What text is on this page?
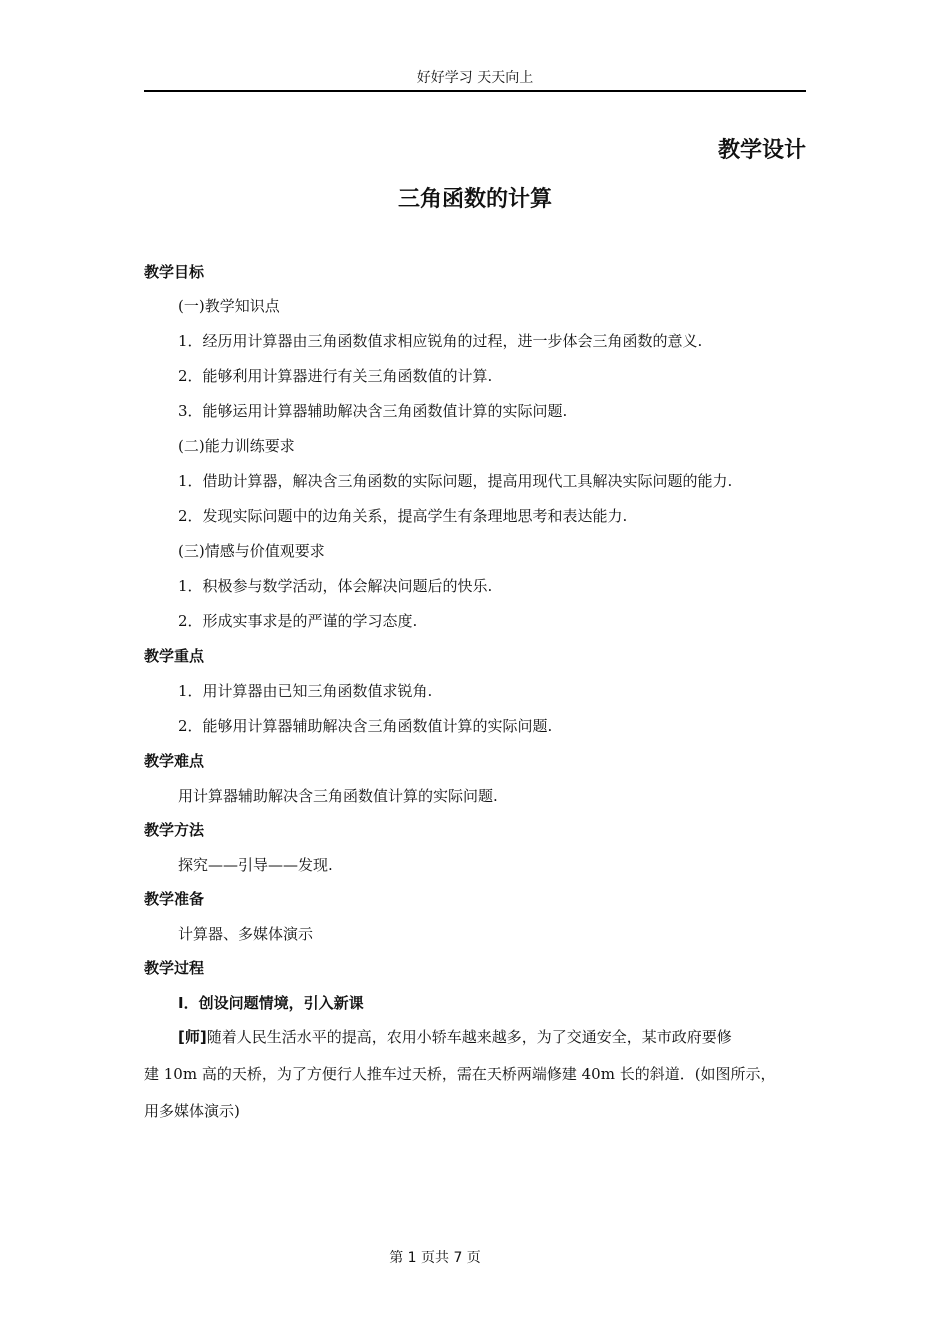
好好学习 天天向上
教学设计
三角函数的计算
教学目标
(一)教学知识点
1．经历用计算器由三角函数值求相应锐角的过程，进一步体会三角函数的意义.
2．能够利用计算器进行有关三角函数值的计算.
3．能够运用计算器辅助解决含三角函数值计算的实际问题.
(二)能力训练要求
1．借助计算器，解决含三角函数的实际问题，提高用现代工具解决实际问题的能力.
2．发现实际问题中的边角关系，提高学生有条理地思考和表达能力.
(三)情感与价值观要求
1．积极参与数学活动，体会解决问题后的快乐.
2．形成实事求是的严谨的学习态度.
教学重点
1．用计算器由已知三角函数值求锐角.
2．能够用计算器辅助解决含三角函数值计算的实际问题.
教学难点
用计算器辅助解决含三角函数值计算的实际问题.
教学方法
探究——引导——发现.
教学准备
计算器、多媒体演示
教学过程
Ⅰ．创设问题情境，引入新课
[师]随着人民生活水平的提高，农用小轿车越来越多，为了交通安全，某市政府要修
建 10m 高的天桥，为了方便行人推车过天桥，需在天桥两端修建 40m 长的斜道．(如图所示，
用多媒体演示)
第 1 页共 7 页
